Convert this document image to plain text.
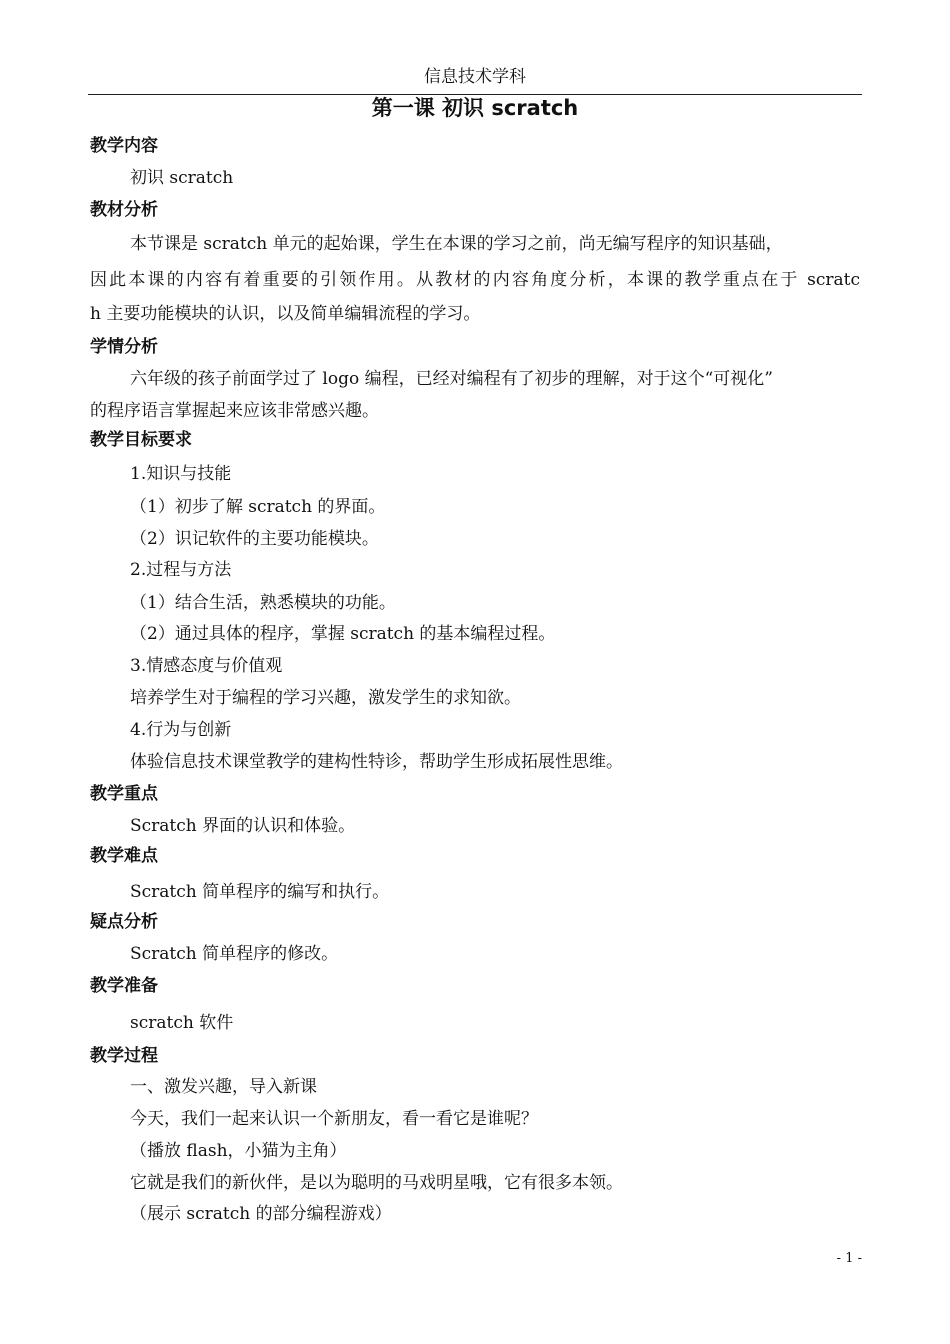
信息技术学科
第一课 初识 scratch
教学内容
初识 scratch
教材分析
本节课是 scratch 单元的起始课，学生在本课的学习之前，尚无编写程序的知识基础，
因此本课的内容有着重要的引领作用。从教材的内容角度分析，本课的教学重点在于 scratc
h 主要功能模块的认识，以及简单编辑流程的学习。
学情分析
六年级的孩子前面学过了 logo 编程，已经对编程有了初步的理解，对于这个“可视化”
的程序语言掌握起来应该非常感兴趣。
教学目标要求
1.知识与技能
（1）初步了解 scratch 的界面。
（2）识记软件的主要功能模块。
2.过程与方法
（1）结合生活，熟悉模块的功能。
（2）通过具体的程序，掌握 scratch 的基本编程过程。
3.情感态度与价值观
培养学生对于编程的学习兴趣，激发学生的求知欲。
4.行为与创新
体验信息技术课堂教学的建构性特诊，帮助学生形成拓展性思维。
教学重点
Scratch 界面的认识和体验。
教学难点
Scratch 简单程序的编写和执行。
疑点分析
Scratch 简单程序的修改。
教学准备
scratch 软件
教学过程
一、激发兴趣，导入新课
今天，我们一起来认识一个新朋友，看一看它是谁呢？
（播放 flash，小猫为主角）
它就是我们的新伙伴，是以为聪明的马戏明星哦，它有很多本领。
（展示 scratch 的部分编程游戏）
- 1 -
